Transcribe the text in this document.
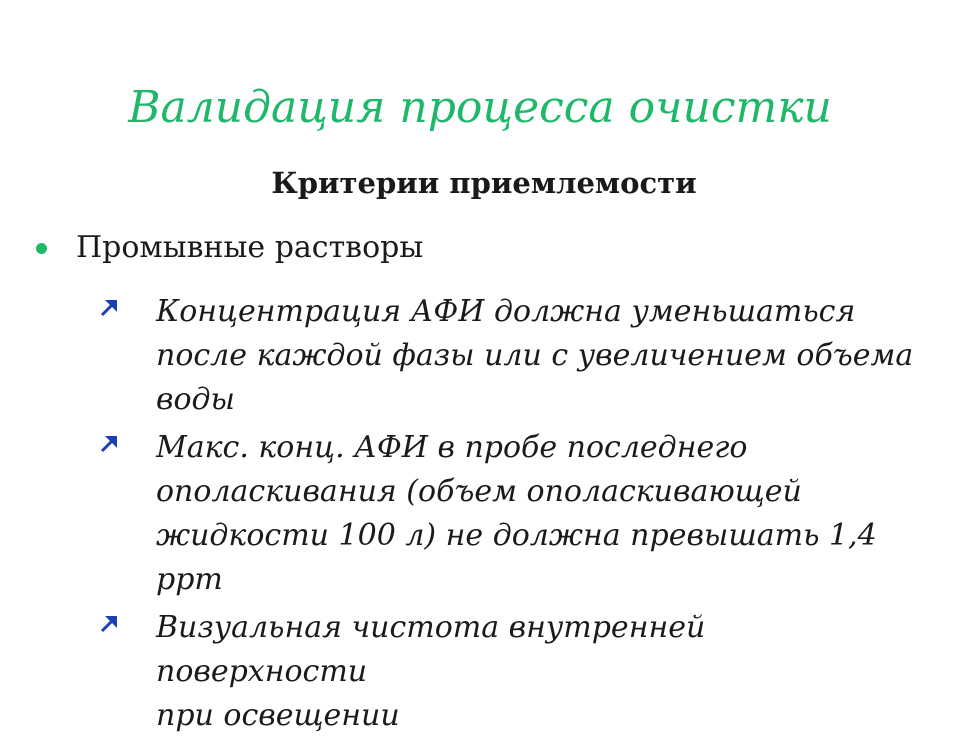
Валидация процесса очистки
Критерии приемлемости
Промывные растворы
Концентрация АФИ должна уменьшаться
после каждой фазы или с увеличением объема
воды
Макс. конц. АФИ в пробе последнего
ополаскивания (объем ополаскивающей
жидкости 100 л) не должна превышать 1,4 ppm
Визуальная чистота внутренней поверхности
при освещении
